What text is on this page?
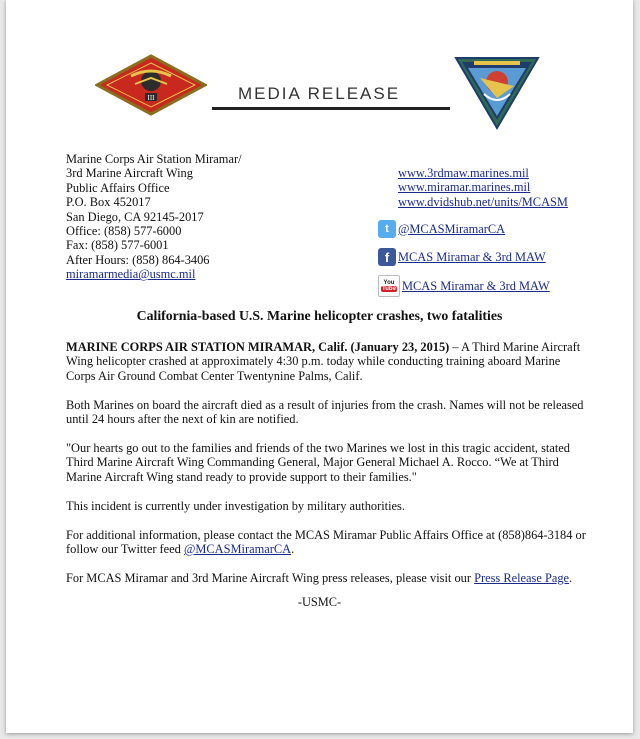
III	MEDIA RELEASE
Marine Corps Air Station Miramar/
3rd Marine Aircraft Wing
Public Affairs Office
P.O. Box 452017
San Diego, CA 92145-2017
Office: (858) 577-6000
Fax: (858) 577-6001
After Hours: (858) 864-3406
miramarmedia@usmc.mil
www.3rdmaw.marines.mil
www.miramar.marines.mil
www.dvidshub.net/units/MCASM
t @MCASMiramarCA
f MCAS Miramar & 3rd MAW
You
Tube MCAS Miramar & 3rd MAW
California-based U.S. Marine helicopter crashes, two fatalities

MARINE CORPS AIR STATION MIRAMAR, Calif. (January 23, 2015) – A Third Marine Aircraft Wing helicopter crashed at approximately 4:30 p.m. today while conducting training aboard Marine Corps Air Ground Combat Center Twentynine Palms, Calif.

Both Marines on board the aircraft died as a result of injuries from the crash. Names will not be released until 24 hours after the next of kin are notified.

"Our hearts go out to the families and friends of the two Marines we lost in this tragic accident, stated Third Marine Aircraft Wing Commanding General, Major General Michael A. Rocco. “We at Third Marine Aircraft Wing stand ready to provide support to their families."

This incident is currently under investigation by military authorities.

For additional information, please contact the MCAS Miramar Public Affairs Office at (858)864-3184 or follow our Twitter feed @MCASMiramarCA.

For MCAS Miramar and 3rd Marine Aircraft Wing press releases, please visit our Press Release Page.

-USMC-
